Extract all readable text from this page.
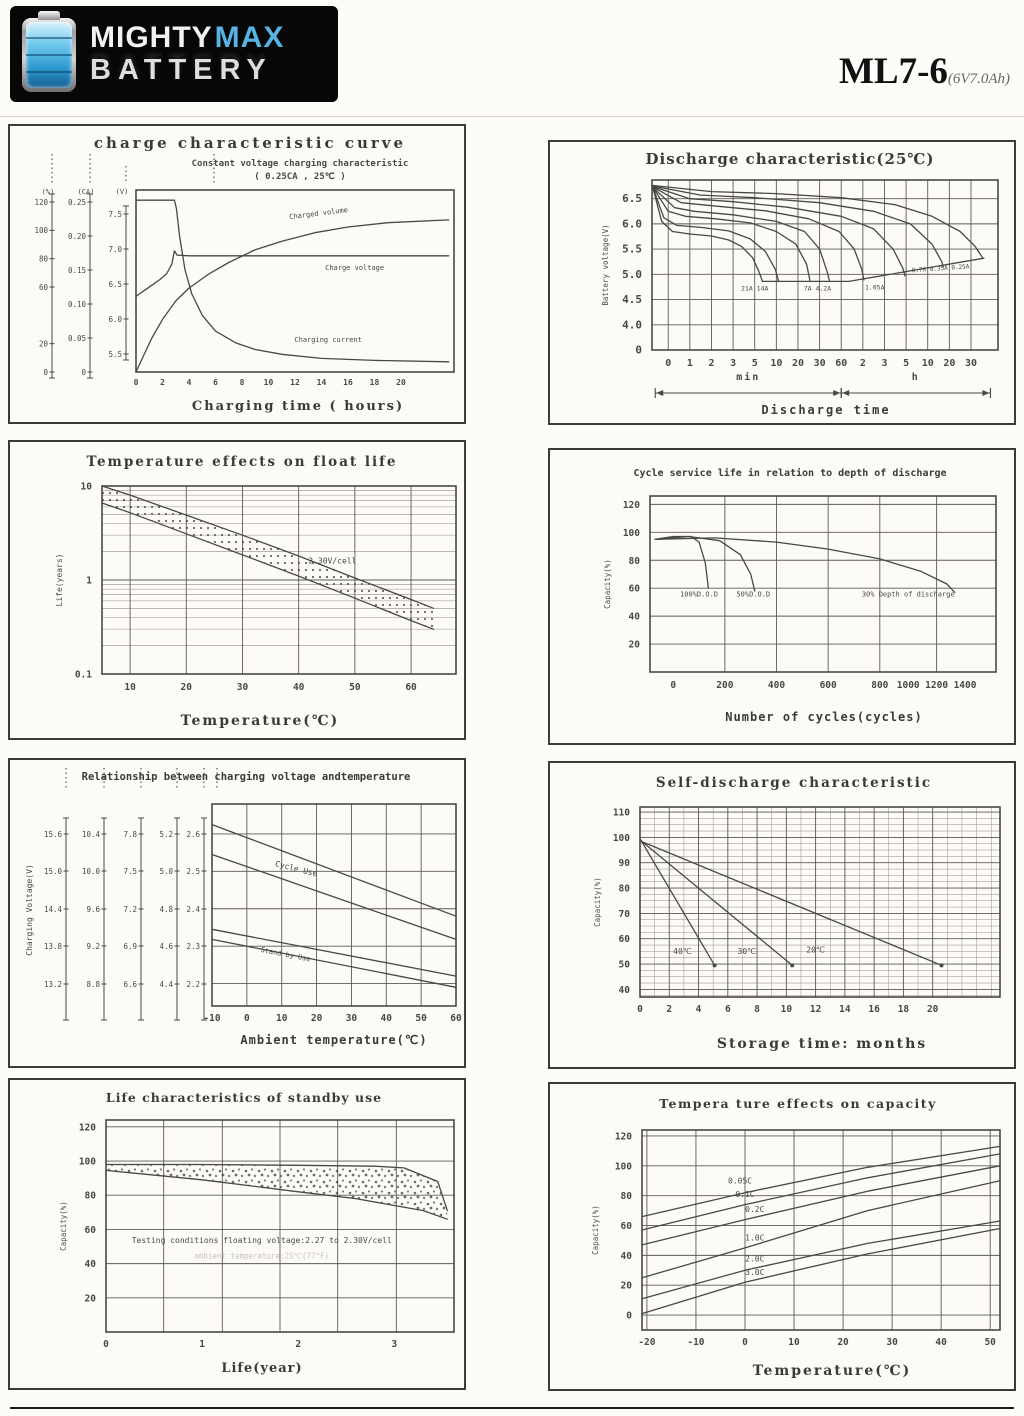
MIGHTYMAX
BATTERY	ML7-6(6V7.0Ah)
charge characteristic curve
Constant voltage charging characteristic
( 0.25CA , 25℃ )
0	2	4	6	8 10 12 14 16 18 20
Charging time ( hours)
120
100
80
60
20
0
(%)
0.25
0.20
0.15
0.10
0.05
0
(CA)
7.5
7.0
6.5
6.0
5.5
(V)
Charged volume
Charge voltage
Charging current
Discharge characteristic(25℃)
0 1 2 3 5 10 20 30 60 2 3 5 10 20 30
6.5
6.0
5.5
5.0
4.5
4.0
0
Discharge time
Battery voltage(V)
min	h
21A 14A	7A 4.2A	1.05A
0.7A 0.35A 0.25A
Temperature effects on float life
10	20	30	40	50	60
10
1
0.1
Temperature(℃)
Life(years)	2.30V/cell
Cycle service life in relation to depth of discharge
0	200	400	600	800 1000 1200 1400
120
100
80
60
40
20
Number of cycles(cycles)
Capacity(%)	100%D.O.D	50%D.O.D	30% Depth of discharge
Relationship between charging voltage andtemperature
-10 0	10 20 30 40 50 60
Ambient temperature(℃)
Charging Voltage(V)
15.6
15.0
14.4
13.8
13.2
10.4
10.0
9.6
9.2
8.8
7.8
7.5
7.2
6.9
6.6
5.2
5.0
4.8
4.6
4.4
2.6
2.5
2.4
2.3
2.2
Cycle Use
Stand by Use
Self-discharge characteristic
0 2 4 6 8 10 12 14 16 18 20
110
100
90
80
70
60
50
40
Storage time: months
Capacity(%)
40℃	30℃	20℃
Life characteristics of standby use
0	1	2	3
120
100
80
60
40
20
Life(year)
Capacity(%)	Testing conditions floating voltage:2.27 to 2.30V/cell
ambient temperature:25℃(77°F)
Tempera ture effects on capacity
-20	-10	0	10	20	30	40	50
120
100
80
60
40
20
0
Temperature(℃)
Capacity(%)
0.05C
0.1C
0.2C
1.0C
2.0C
3.0C
